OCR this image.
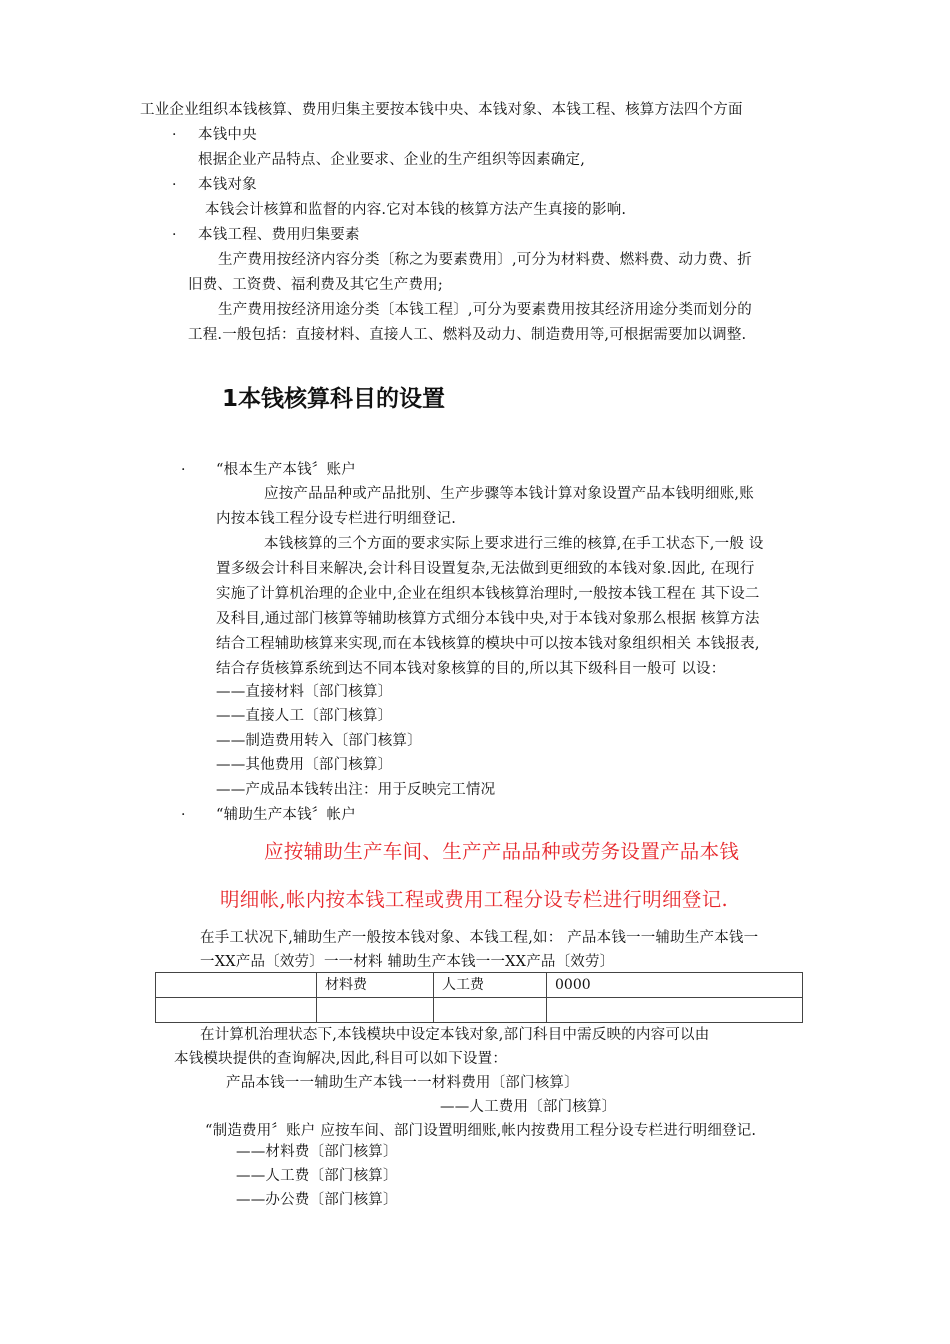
工业企业组织本钱核算、费用归集主要按本钱中央、本钱对象、本钱工程、核算方法四个方面
· 本钱中央
根据企业产品特点、企业要求、企业的生产组织等因素确定,
· 本钱对象
本钱会计核算和监督的内容.它对本钱的核算方法产生真接的影响.
· 本钱工程、费用归集要素
生产费用按经济内容分类〔称之为要素费用〕,可分为材料费、燃料费、动力费、折
旧费、工资费、福利费及其它生产费用;
生产费用按经济用途分类〔本钱工程〕,可分为要素费用按其经济用途分类而划分的
工程.一般包括：直接材料、直接人工、燃料及动力、制造费用等,可根据需要加以调整.
1本钱核算科目的设置
· “根本生产本钱〞账户
应按产品品种或产品批别、生产步骤等本钱计算对象设置产品本钱明细账,账
内按本钱工程分设专栏进行明细登记.
本钱核算的三个方面的要求实际上要求进行三维的核算,在手工状态下,一般 设
置多级会计科目来解决,会计科目设置复杂,无法做到更细致的本钱对象.因此, 在现行
实施了计算机治理的企业中,企业在组织本钱核算治理时,一般按本钱工程在 其下设二
及科目,通过部门核算等辅助核算方式细分本钱中央,对于本钱对象那么根据 核算方法
结合工程辅助核算来实现,而在本钱核算的模块中可以按本钱对象组织相关 本钱报表,
结合存货核算系统到达不同本钱对象核算的目的,所以其下级科目一般可 以设：
——直接材料〔部门核算〕
——直接人工〔部门核算〕
——制造费用转入〔部门核算〕
——其他费用〔部门核算〕
——产成品本钱转出注：用于反映完工情况
· “辅助生产本钱〞帐户
应按辅助生产车间、生产产品品种或劳务设置产品本钱
明细帐,帐内按本钱工程或费用工程分设专栏进行明细登记.
在手工状况下,辅助生产一般按本钱对象、本钱工程,如： 产品本钱一一辅助生产本钱一
一XX产品〔效劳〕一一材料 辅助生产本钱一一XX产品〔效劳〕
	材料费	人工费	0000

在计算机治理状态下,本钱模块中设定本钱对象,部门科目中需反映的内容可以由
本钱模块提供的查询解决,因此,科目可以如下设置：
产品本钱一一辅助生产本钱一一材料费用〔部门核算〕
——人工费用〔部门核算〕
“制造费用〞账户 应按车间、部门设置明细账,帐内按费用工程分设专栏进行明细登记.
——材料费〔部门核算〕
——人工费〔部门核算〕
——办公费〔部门核算〕
